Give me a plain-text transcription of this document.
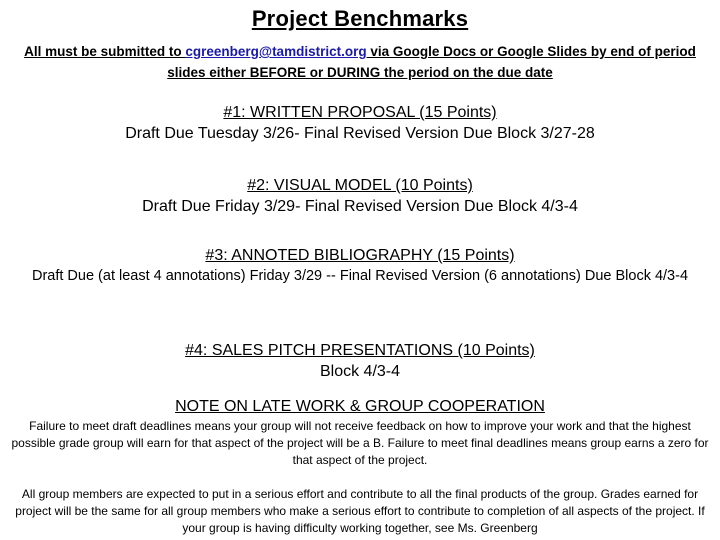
Project Benchmarks
All must be submitted to cgreenberg@tamdistrict.org via Google Docs or Google Slides by end of period slides either BEFORE or DURING the period on the due date
#1: WRITTEN PROPOSAL (15 Points)
Draft Due Tuesday 3/26- Final Revised Version Due Block 3/27-28
#2: VISUAL MODEL (10 Points)
Draft Due Friday 3/29- Final Revised Version Due Block 4/3-4
#3: ANNOTED BIBLIOGRAPHY (15 Points)
Draft Due (at least 4 annotations) Friday 3/29 -- Final Revised Version (6 annotations) Due Block 4/3-4
#4: SALES PITCH PRESENTATIONS (10 Points)
Block 4/3-4
NOTE ON LATE WORK & GROUP COOPERATION
Failure to meet draft deadlines means your group will not receive feedback on how to improve your work and that the highest possible grade group will earn for that aspect of the project will be a B. Failure to meet final deadlines means group earns a zero for that aspect of the project.
All group members are expected to put in a serious effort and contribute to all the final products of the group. Grades earned for project will be the same for all group members who make a serious effort to contribute to completion of all aspects of the project. If your group is having difficulty working together, see Ms. Greenberg
